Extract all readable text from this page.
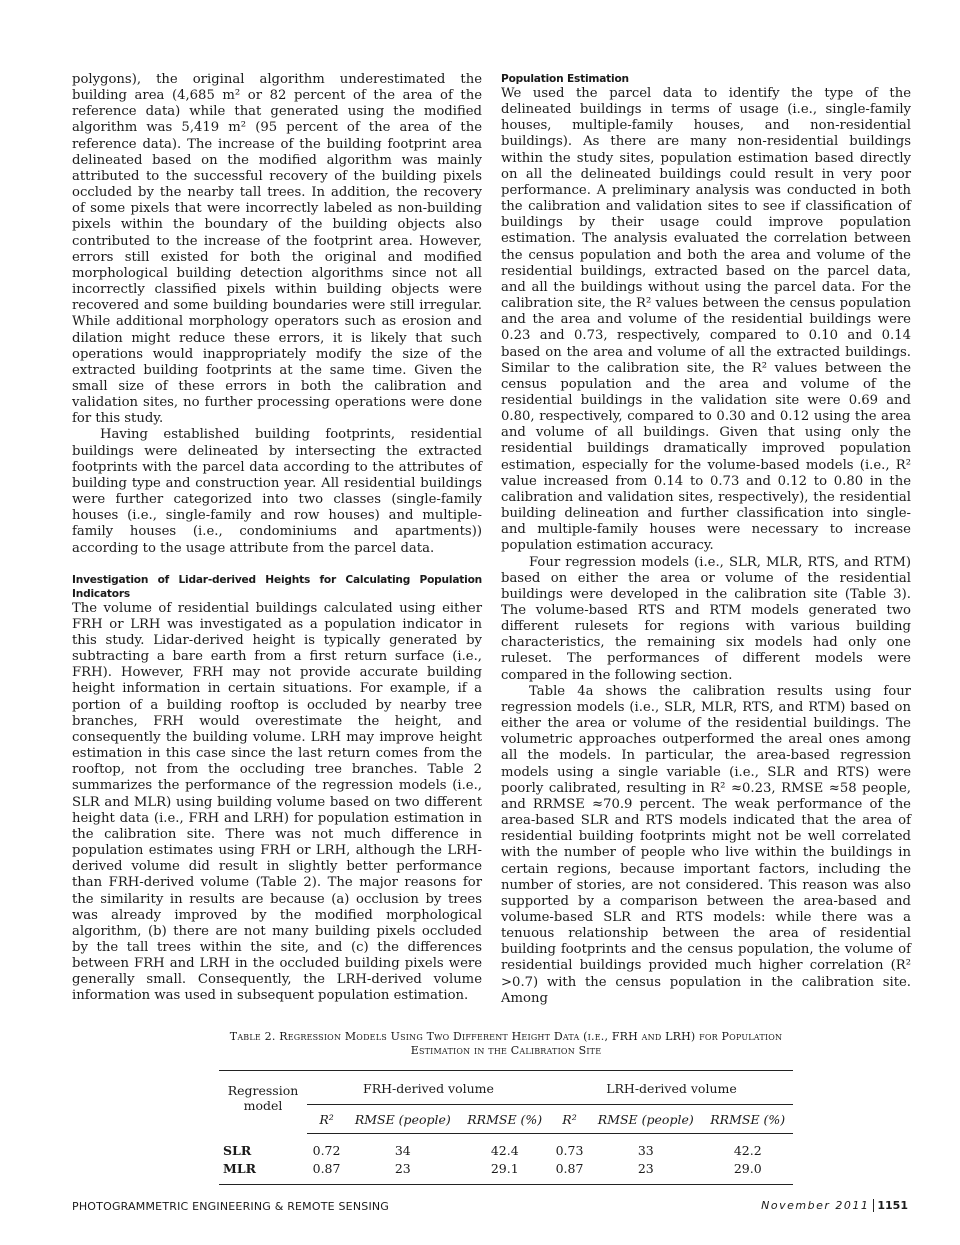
polygons), the original algorithm underestimated the building area (4,685 m² or 82 percent of the area of the reference data) while that generated using the modified algorithm was 5,419 m² (95 percent of the area of the reference data). The increase of the building footprint area delineated based on the modified algorithm was mainly attributed to the successful recovery of the building pixels occluded by the nearby tall trees. In addition, the recovery of some pixels that were incorrectly labeled as non-building pixels within the boundary of the building objects also contributed to the increase of the footprint area. However, errors still existed for both the original and modified morphological building detection algorithms since not all incorrectly classified pixels within building objects were recovered and some building boundaries were still irregular. While additional morphology operators such as erosion and dilation might reduce these errors, it is likely that such operations would inappropriately modify the size of the extracted building footprints at the same time. Given the small size of these errors in both the calibration and validation sites, no further processing operations were done for this study.

Having established building footprints, residential buildings were delineated by intersecting the extracted footprints with the parcel data according to the attributes of building type and construction year. All residential buildings were further categorized into two classes (single-family houses (i.e., single-family and row houses) and multiple-family houses (i.e., condominiums and apartments)) according to the usage attribute from the parcel data.

Investigation of Lidar-derived Heights for Calculating Population Indicators

The volume of residential buildings calculated using either FRH or LRH was investigated as a population indicator in this study. Lidar-derived height is typically generated by subtracting a bare earth from a first return surface (i.e., FRH). However, FRH may not provide accurate building height information in certain situations. For example, if a portion of a building rooftop is occluded by nearby tree branches, FRH would overestimate the height, and consequently the building volume. LRH may improve height estimation in this case since the last return comes from the rooftop, not from the occluding tree branches. Table 2 summarizes the performance of the regression models (i.e., SLR and MLR) using building volume based on two different height data (i.e., FRH and LRH) for population estimation in the calibration site. There was not much difference in population estimates using FRH or LRH, although the LRH-derived volume did result in slightly better performance than FRH-derived volume (Table 2). The major reasons for the similarity in results are because (a) occlusion by trees was already improved by the modified morphological algorithm, (b) there are not many building pixels occluded by the tall trees within the site, and (c) the differences between FRH and LRH in the occluded building pixels were generally small. Consequently, the LRH-derived volume information was used in subsequent population estimation.

Population Estimation

We used the parcel data to identify the type of the delineated buildings in terms of usage (i.e., single-family houses, multiple-family houses, and non-residential buildings). As there are many non-residential buildings within the study sites, population estimation based directly on all the delineated buildings could result in very poor performance. A preliminary analysis was conducted in both the calibration and validation sites to see if classification of buildings by their usage could improve population estimation. The analysis evaluated the correlation between the census population and both the area and volume of the residential buildings, extracted based on the parcel data, and all the buildings without using the parcel data. For the calibration site, the R² values between the census population and the area and volume of the residential buildings were 0.23 and 0.73, respectively, compared to 0.10 and 0.14 based on the area and volume of all the extracted buildings. Similar to the calibration site, the R² values between the census population and the area and volume of the residential buildings in the validation site were 0.69 and 0.80, respectively, compared to 0.30 and 0.12 using the area and volume of all buildings. Given that using only the residential buildings dramatically improved population estimation, especially for the volume-based models (i.e., R² value increased from 0.14 to 0.73 and 0.12 to 0.80 in the calibration and validation sites, respectively), the residential building delineation and further classification into single- and multiple-family houses were necessary to increase population estimation accuracy.

Four regression models (i.e., SLR, MLR, RTS, and RTM) based on either the area or volume of the residential buildings were developed in the calibration site (Table 3). The volume-based RTS and RTM models generated two different rulesets for regions with various building characteristics, the remaining six models had only one ruleset. The performances of different models were compared in the following section.

Table 4a shows the calibration results using four regression models (i.e., SLR, MLR, RTS, and RTM) based on either the area or volume of the residential buildings. The volumetric approaches outperformed the areal ones among all the models. In particular, the area-based regression models using a single variable (i.e., SLR and RTS) were poorly calibrated, resulting in R² ≈0.23, RMSE ≈58 people, and RRMSE ≈70.9 percent. The weak performance of the area-based SLR and RTS models indicated that the area of residential building footprints might not be well correlated with the number of people who live within the buildings in certain regions, because important factors, including the number of stories, are not considered. This reason was also supported by a comparison between the area-based and volume-based SLR and RTS models: while there was a tenuous relationship between the area of residential building footprints and the census population, the volume of residential buildings provided much higher correlation (R² >0.7) with the census population in the calibration site. Among

Table 2. Regression Models Using Two Different Height Data (i.e., FRH and LRH) for Population
Estimation in the Calibration Site
Regression model	FRH-derived volume			LRH-derived volume		
	R²	RMSE (people)	RRMSE (%)	R²	RMSE (people)	RRMSE (%)
SLR	0.72	34	42.4	0.73	33	42.2
MLR	0.87	23	29.1	0.87	23	29.0
PHOTOGRAMMETRIC ENGINEERING & REMOTE SENSING	November 2011 1151
